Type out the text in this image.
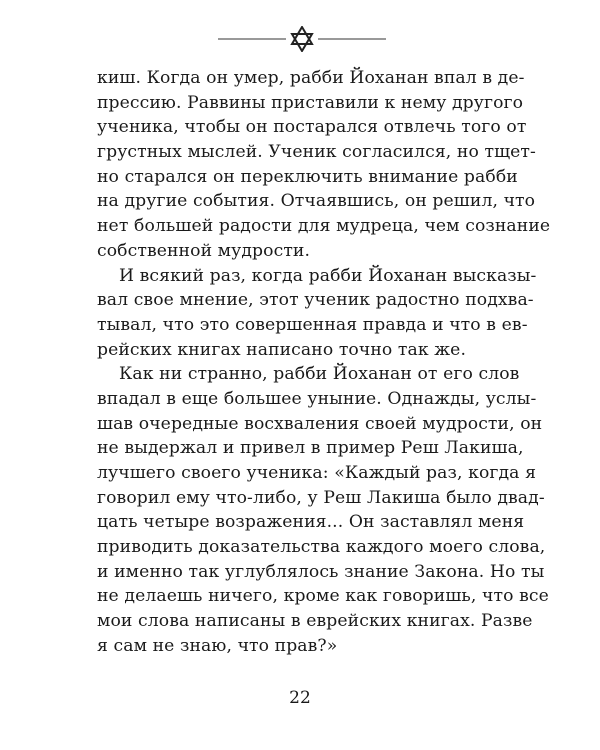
киш. Когда он умер, рабби Йоханан впал в де-
прессию. Раввины приставили к нему другого
ученика, чтобы он постарался отвлечь того от
грустных мыслей. Ученик согласился, но тщет-
но старался он переключить внимание рабби
на другие события. Отчаявшись, он решил, что
нет большей радости для мудреца, чем сознание
собственной мудрости.
И всякий раз, когда рабби Йоханан высказы-
вал свое мнение, этот ученик радостно подхва-
тывал, что это совершенная правда и что в ев-
рейских книгах написано точно так же.
Как ни странно, рабби Йоханан от его слов
впадал в еще большее уныние. Однажды, услы-
шав очередные восхваления своей мудрости, он
не выдержал и привел в пример Реш Лакиша,
лучшего своего ученика: «Каждый раз, когда я
говорил ему что-либо, у Реш Лакиша было двад-
цать четыре возражения... Он заставлял меня
приводить доказательства каждого моего слова,
и именно так углублялось знание Закона. Но ты
не делаешь ничего, кроме как говоришь, что все
мои слова написаны в еврейских книгах. Разве
я сам не знаю, что прав?»
22
